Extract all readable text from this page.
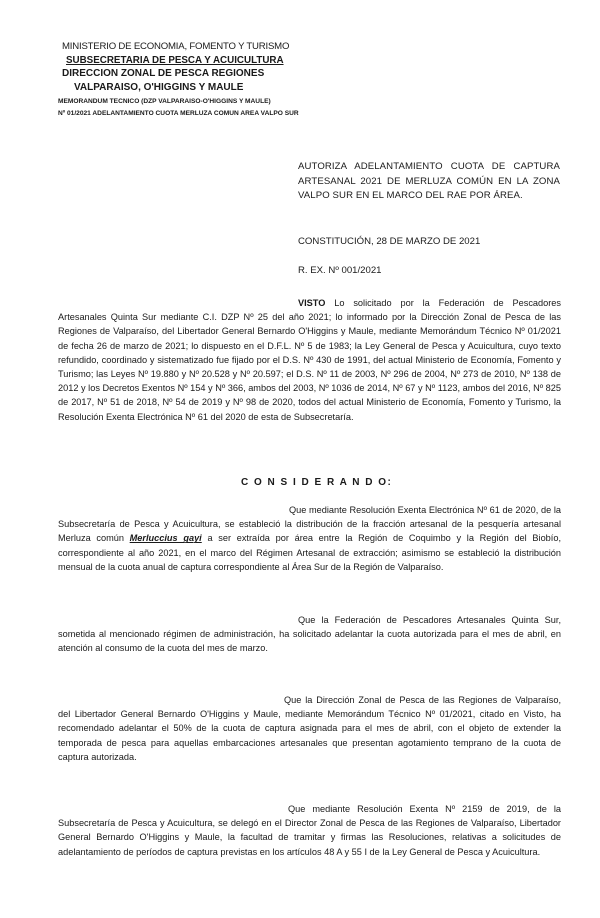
MINISTERIO DE ECONOMIA, FOMENTO Y TURISMO
SUBSECRETARIA DE PESCA Y ACUICULTURA
DIRECCION ZONAL DE PESCA REGIONES
VALPARAISO, O'HIGGINS Y MAULE
MEMORANDUM TECNICO (DZP VALPARAISO-O'HIGGINS Y MAULE)
Nº 01/2021 ADELANTAMIENTO CUOTA MERLUZA COMUN AREA VALPO SUR
AUTORIZA ADELANTAMIENTO CUOTA DE CAPTURA ARTESANAL 2021 DE MERLUZA COMÚN EN LA ZONA VALPO SUR EN EL MARCO DEL RAE POR ÁREA.
CONSTITUCIÓN, 28 DE MARZO DE 2021
R. EX. Nº 001/2021
VISTO Lo solicitado por la Federación de Pescadores Artesanales Quinta Sur mediante C.I. DZP Nº 25 del año 2021; lo informado por la Dirección Zonal de Pesca de las Regiones de Valparaíso, del Libertador General Bernardo O'Higgins y Maule, mediante Memorándum Técnico Nº 01/2021 de fecha 26 de marzo de 2021; lo dispuesto en el D.F.L. Nº 5 de 1983; la Ley General de Pesca y Acuicultura, cuyo texto refundido, coordinado y sistematizado fue fijado por el D.S. Nº 430 de 1991, del actual Ministerio de Economía, Fomento y Turismo; las Leyes Nº 19.880 y Nº 20.528 y Nº 20.597; el D.S. Nº 11 de 2003, Nº 296 de 2004, Nº 273 de 2010, Nº 138 de 2012 y los Decretos Exentos Nº 154 y Nº 366, ambos del 2003, Nº 1036 de 2014, Nº 67 y Nº 1123, ambos del 2016, Nº 825 de 2017, Nº 51 de 2018, Nº 54 de 2019 y Nº 98 de 2020, todos del actual Ministerio de Economía, Fomento y Turismo, la Resolución Exenta Electrónica Nº 61 del 2020 de esta de Subsecretaría.
C O N S I D E R A N D O:
Que mediante Resolución Exenta Electrónica Nº 61 de 2020, de la Subsecretaría de Pesca y Acuicultura, se estableció la distribución de la fracción artesanal de la pesquería artesanal Merluza común Merluccius gayi a ser extraída por área entre la Región de Coquimbo y la Región del Biobío, correspondiente al año 2021, en el marco del Régimen Artesanal de extracción; asimismo se estableció la distribución mensual de la cuota anual de captura correspondiente al Área Sur de la Región de Valparaíso.
Que la Federación de Pescadores Artesanales Quinta Sur, sometida al mencionado régimen de administración, ha solicitado adelantar la cuota autorizada para el mes de abril, en atención al consumo de la cuota del mes de marzo.
Que la Dirección Zonal de Pesca de las Regiones de Valparaíso, del Libertador General Bernardo O'Higgins y Maule, mediante Memorándum Técnico Nº 01/2021, citado en Visto, ha recomendado adelantar el 50% de la cuota de captura asignada para el mes de abril, con el objeto de extender la temporada de pesca para aquellas embarcaciones artesanales que presentan agotamiento temprano de la cuota de captura autorizada.
Que mediante Resolución Exenta Nº 2159 de 2019, de la Subsecretaría de Pesca y Acuicultura, se delegó en el Director Zonal de Pesca de las Regiones de Valparaíso, Libertador General Bernardo O'Higgins y Maule, la facultad de tramitar y firmas las Resoluciones, relativas a solicitudes de adelantamiento de períodos de captura previstas en los artículos 48 A y 55 I de la Ley General de Pesca y Acuicultura.
